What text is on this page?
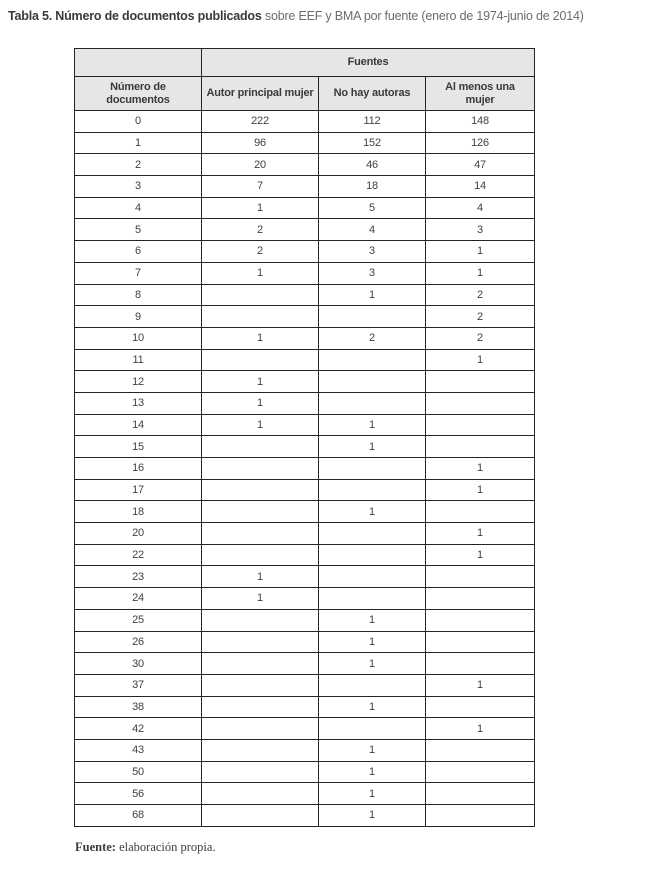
Tabla 5. Número de documentos publicados sobre EEF y BMA por fuente (enero de 1974-junio de 2014)
	Fuentes		
Número de documentos	Autor principal mujer	No hay autoras	Al menos una mujer
0	222	112	148
1	96	152	126
2	20	46	47
3	7	18	14
4	1	5	4
5	2	4	3
6	2	3	1
7	1	3	1
8		1	2
9			2
10	1	2	2
11			1
12	1		
13	1		
14	1	1	
15		1	
16			1
17			1
18		1	
20			1
22			1
23	1		
24	1		
25		1	
26		1	
30		1	
37			1
38		1	
42			1
43		1	
50		1	
56		1	
68		1	
Fuente: elaboración propia.
